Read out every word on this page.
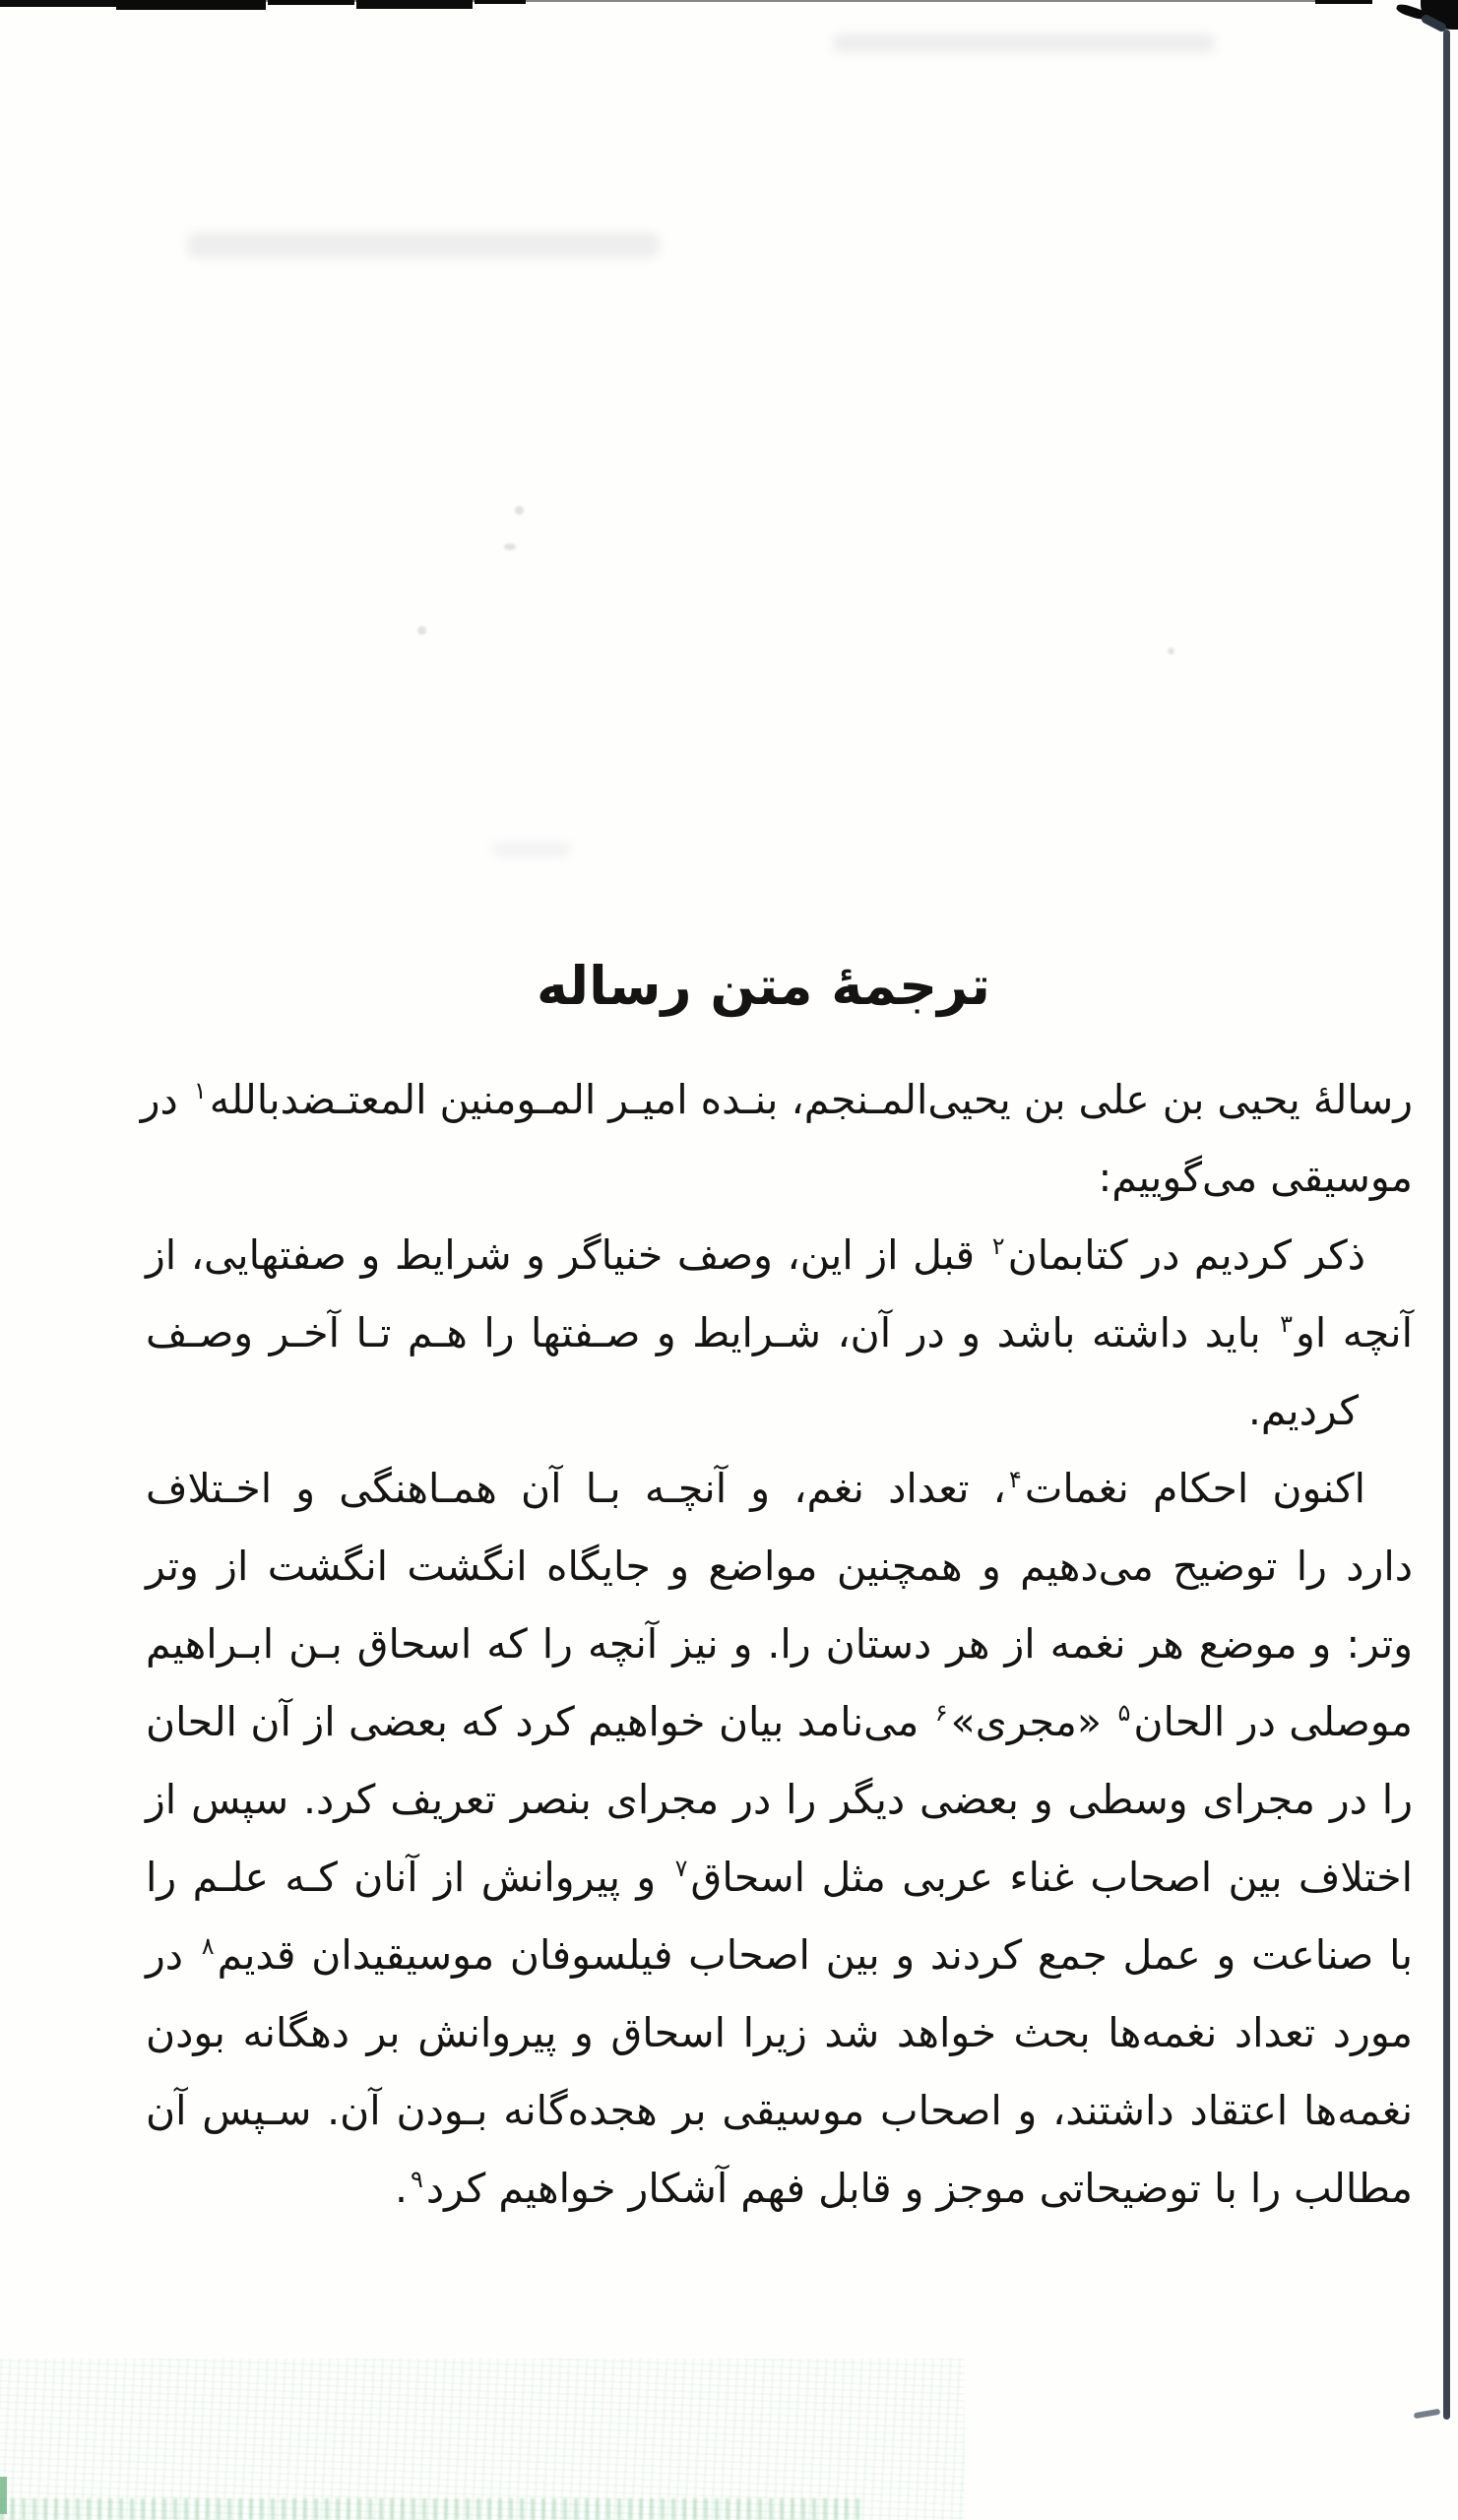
ترجمهٔ متن رساله
رسالهٔ یحیی بن علی بن یحیی‌المـنجم، بنـده امیـر المـومنین المعتـضدبالله$^۱$ در
موسیقی می‌گوییم:
ذکر کردیم در کتابمان$^۲$ قبل از این، وصف خنیاگر و شرایط و صفتهایی، از
آنچه او$^۳$ باید داشته باشد و در آن، شـرایط و صـفتها را هـم تـا آخـر وصـف
کردیم.
اکنون احکام نغمات$^۴$، تعداد نغم، و آنچـه بـا آن همـاهنگی و اخـتلاف
دارد را توضیح می‌دهیم و همچنین مواضع و جایگاه انگشت انگشت از وتر
وتر: و موضع هر نغمه از هر دستان را. و نیز آنچه را که اسحاق بـن ابـراهیم
موصلی در الحان$^۵$ «مجری»$^۶$ می‌نامد بیان خواهیم کرد که بعضی از آن الحان
را در مجرای وسطی و بعضی دیگر را در مجرای بنصر تعریف کرد. سپس از
اختلاف بین اصحاب غناء عربی مثل اسحاق$^۷$ و پیروانش از آنان کـه علـم را
با صناعت و عمل جمع کردند و بین اصحاب فیلسوفان موسیقیدان قدیم$^۸$ در
مورد تعداد نغمه‌ها بحث خواهد شد زیرا اسحاق و پیروانش بر دهگانه بودن
نغمه‌ها اعتقاد داشتند، و اصحاب موسیقی بر هجده‌گانه بـودن آن. سـپس آن
مطالب را با توضیحاتی موجز و قابل فهم آشکار خواهیم کرد$^۹$.
